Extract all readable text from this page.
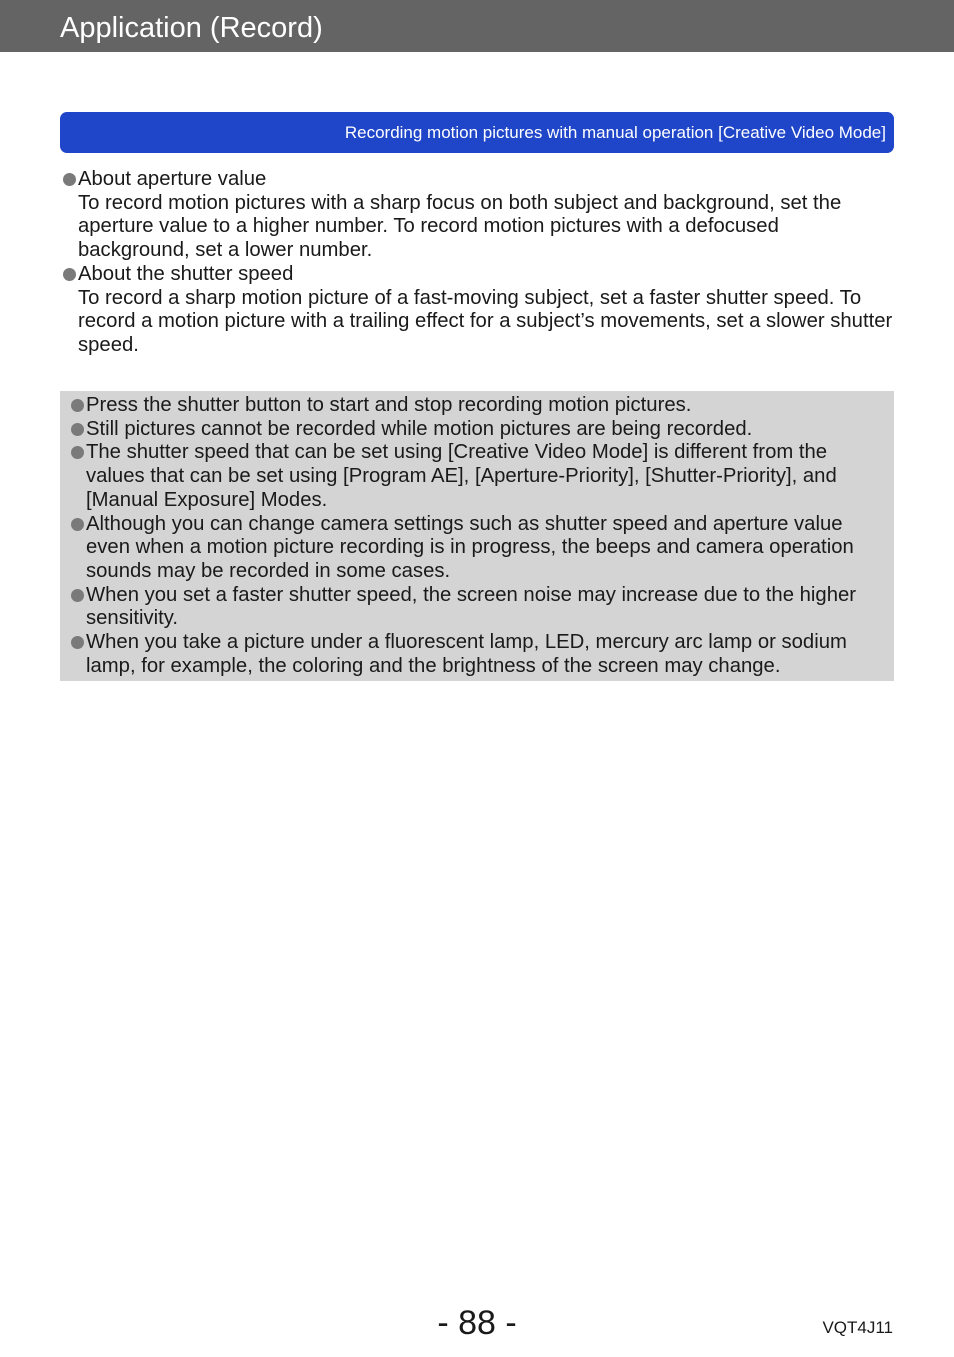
Application (Record)
Recording motion pictures with manual operation [Creative Video Mode]
About aperture value
To record motion pictures with a sharp focus on both subject and background, set the aperture value to a higher number. To record motion pictures with a defocused background, set a lower number.
About the shutter speed
To record a sharp motion picture of a fast-moving subject, set a faster shutter speed. To record a motion picture with a trailing effect for a subject’s movements, set a slower shutter speed.
Press the shutter button to start and stop recording motion pictures.
Still pictures cannot be recorded while motion pictures are being recorded.
The shutter speed that can be set using [Creative Video Mode] is different from the values that can be set using [Program AE], [Aperture-Priority], [Shutter-Priority], and [Manual Exposure] Modes.
Although you can change camera settings such as shutter speed and aperture value even when a motion picture recording is in progress, the beeps and camera operation sounds may be recorded in some cases.
When you set a faster shutter speed, the screen noise may increase due to the higher sensitivity.
When you take a picture under a fluorescent lamp, LED, mercury arc lamp or sodium lamp, for example, the coloring and the brightness of the screen may change.
- 88 -	VQT4J11
